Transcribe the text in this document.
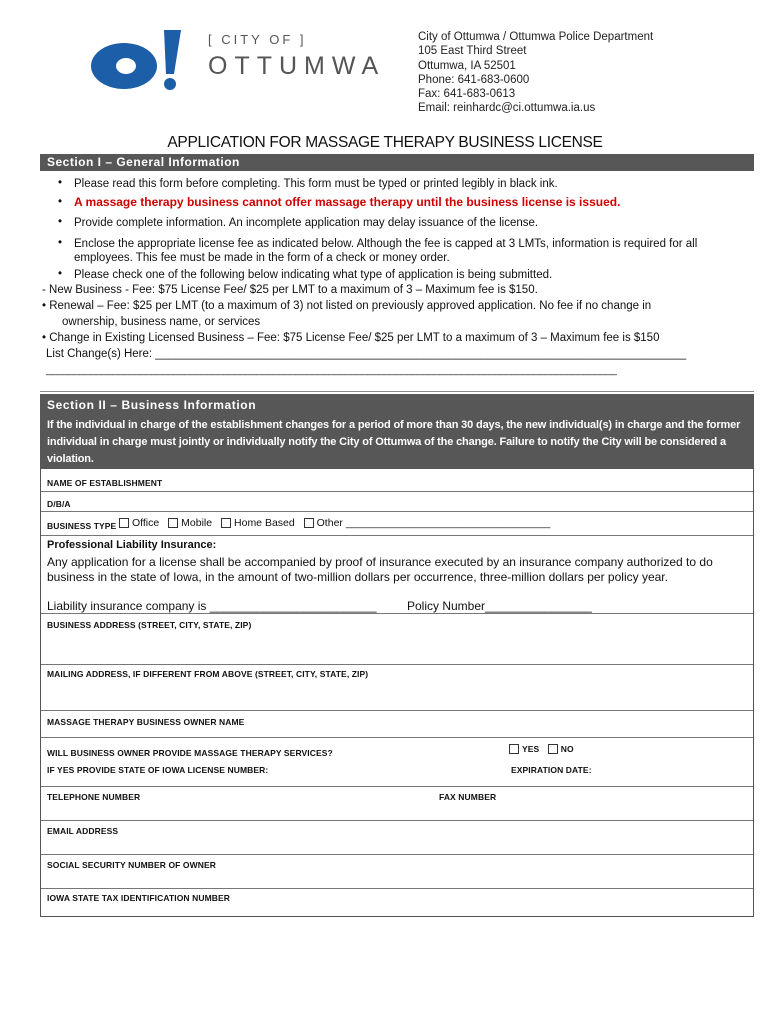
[ CITY OF ]
OTTUMWA
City of Ottumwa / Ottumwa Police Department
105 East Third Street
Ottumwa, IA 52501
Phone: 641-683-0600
Fax: 641-683-0613
Email: reinhardc@ci.ottumwa.ia.us
APPLICATION FOR MASSAGE THERAPY BUSINESS LICENSE
Section I – General Information
• Please read this form before completing. This form must be typed or printed legibly in black ink.
• A massage therapy business cannot offer massage therapy until the business license is issued.
• Provide complete information. An incomplete application may delay issuance of the license.
• Enclose the appropriate license fee as indicated below. Although the fee is capped at 3 LMTs, information is required for all employees. This fee must be made in the form of a check or money order.
• Please check one of the following below indicating what type of application is being submitted.
- New Business - Fee: $75 License Fee/ $25 per LMT to a maximum of 3 – Maximum fee is $150.
• Renewal – Fee: $25 per LMT (to a maximum of 3) not listed on previously approved application. No fee if no change in
ownership, business name, or services
• Change in Existing Licensed Business – Fee: $75 License Fee/ $25 per LMT to a maximum of 3 – Maximum fee is $150
List Change(s) Here: ___________________________________________________________________________________
_______________________________________________________________________________________________________
Section II – Business Information
If the individual in charge of the establishment changes for a period of more than 30 days, the new individual(s) in charge and the former individual in charge must jointly or individually notify the City of Ottumwa of the change. Failure to notify the City will be considered a violation.
NAME OF ESTABLISHMENT
D/B/A
BUSINESS TYPE	Office Mobile Home Based Other ___________________________________
Professional Liability Insurance:
Any application for a license shall be accompanied by proof of insurance executed by an insurance company authorized to do business in the state of Iowa, in the amount of two-million dollars per occurrence, three-million dollars per policy year.
Liability insurance company is _________________________	Policy Number________________
BUSINESS ADDRESS (STREET, CITY, STATE, ZIP)
MAILING ADDRESS, IF DIFFERENT FROM ABOVE (STREET, CITY, STATE, ZIP)
MASSAGE THERAPY BUSINESS OWNER NAME
WILL BUSINESS OWNER PROVIDE MASSAGE THERAPY SERVICES?	YES	NO
IF YES PROVIDE STATE OF IOWA LICENSE NUMBER:	EXPIRATION DATE:
TELEPHONE NUMBER	FAX NUMBER
EMAIL ADDRESS
SOCIAL SECURITY NUMBER OF OWNER
IOWA STATE TAX IDENTIFICATION NUMBER
